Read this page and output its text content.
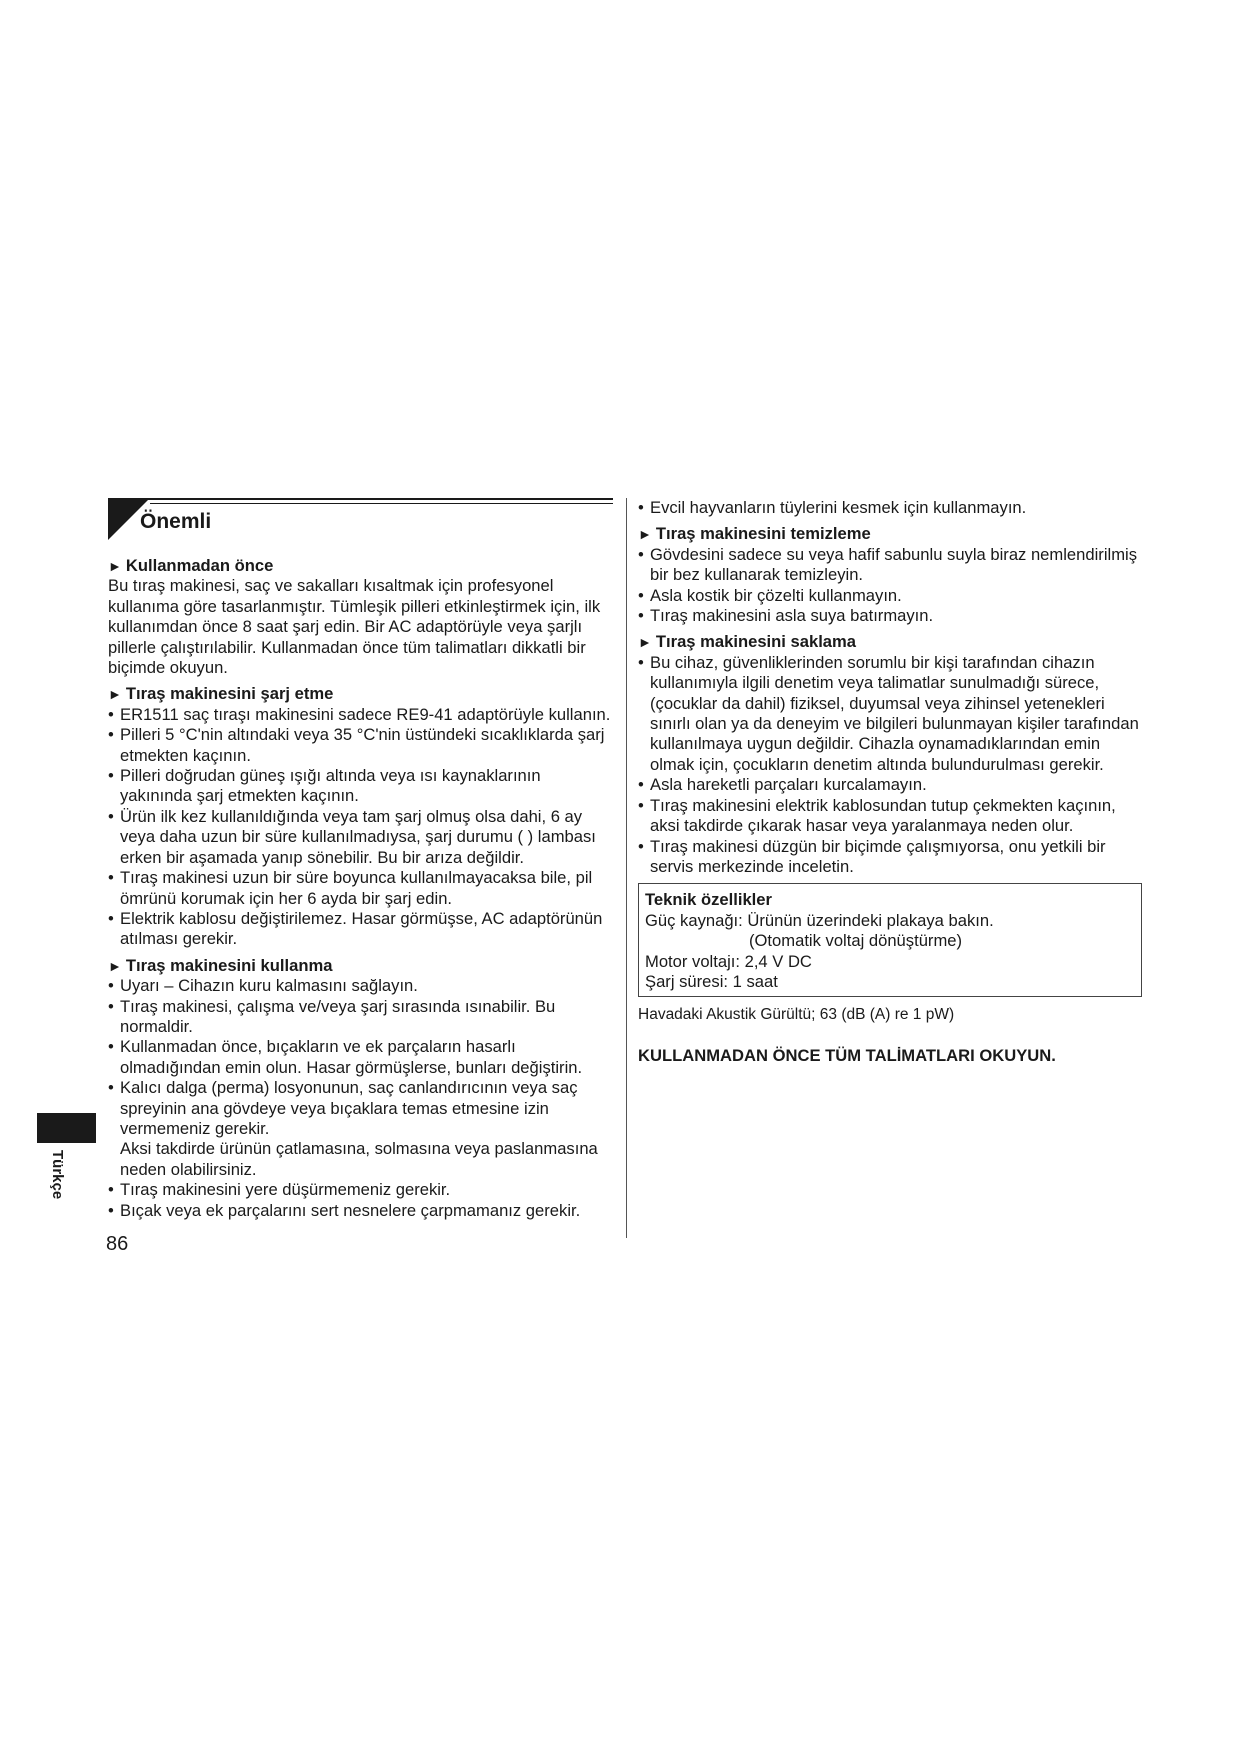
Önemli
► Kullanmadan önce

Bu tıraş makinesi, saç ve sakalları kısaltmak için profesyonel kullanıma göre tasarlanmıştır. Tümleşik pilleri etkinleştirmek için, ilk kullanımdan önce 8 saat şarj edin. Bir AC adaptörüyle veya şarjlı pillerle çalıştırılabilir. Kullanmadan önce tüm talimatları dikkatli bir biçimde okuyun.

► Tıraş makinesini şarj etme
• ER1511 saç tıraşı makinesini sadece RE9-41 adaptörüyle kullanın.
• Pilleri 5 °C'nin altındaki veya 35 °C'nin üstündeki sıcaklıklarda şarj etmekten kaçının.
• Pilleri doğrudan güneş ışığı altında veya ısı kaynaklarının yakınında şarj etmekten kaçının.
• Ürün ilk kez kullanıldığında veya tam şarj olmuş olsa dahi, 6 ay veya daha uzun bir süre kullanılmadıysa, şarj durumu ( ) lambası erken bir aşamada yanıp sönebilir. Bu bir arıza değildir.
• Tıraş makinesi uzun bir süre boyunca kullanılmayacaksa bile, pil ömrünü korumak için her 6 ayda bir şarj edin.
• Elektrik kablosu değiştirilemez. Hasar görmüşse, AC adaptörünün atılması gerekir.
► Tıraş makinesini kullanma
• Uyarı – Cihazın kuru kalmasını sağlayın.
• Tıraş makinesi, çalışma ve/veya şarj sırasında ısınabilir. Bu normaldir.
• Kullanmadan önce, bıçakların ve ek parçaların hasarlı olmadığından emin olun. Hasar görmüşlerse, bunları değiştirin.
• Kalıcı dalga (perma) losyonunun, saç canlandırıcının veya saç spreyinin ana gövdeye veya bıçaklara temas etmesine izin vermemeniz gerekir.

Aksi takdirde ürünün çatlamasına, solmasına veya paslanmasına neden olabilirsiniz.

• Tıraş makinesini yere düşürmemeniz gerekir.
• Bıçak veya ek parçalarını sert nesnelere çarpmamanız gerekir.
• Evcil hayvanların tüylerini kesmek için kullanmayın.
► Tıraş makinesini temizleme
• Gövdesini sadece su veya hafif sabunlu suyla biraz nemlendirilmiş bir bez kullanarak temizleyin.
• Asla kostik bir çözelti kullanmayın.
• Tıraş makinesini asla suya batırmayın.
► Tıraş makinesini saklama
• Bu cihaz, güvenliklerinden sorumlu bir kişi tarafından cihazın kullanımıyla ilgili denetim veya talimatlar sunulmadığı sürece, (çocuklar da dahil) fiziksel, duyumsal veya zihinsel yetenekleri sınırlı olan ya da deneyim ve bilgileri bulunmayan kişiler tarafından kullanılmaya uygun değildir. Cihazla oynamadıklarından emin olmak için, çocukların denetim altında bulundurulması gerekir.
• Asla hareketli parçaları kurcalamayın.
• Tıraş makinesini elektrik kablosundan tutup çekmekten kaçının, aksi takdirde çıkarak hasar veya yaralanmaya neden olur.
• Tıraş makinesi düzgün bir biçimde çalışmıyorsa, onu yetkili bir servis merkezinde inceletin.
Teknik özellikler
Güç kaynağı: Ürünün üzerindeki plakaya bakın.
(Otomatik voltaj dönüştürme)
Motor voltajı: 2,4 V DC
Şarj süresi: 1 saat

Havadaki Akustik Gürültü; 63 (dB (A) re 1 pW)

KULLANMADAN ÖNCE TÜM TALİMATLARI OKUYUN.

Türkçe
86
